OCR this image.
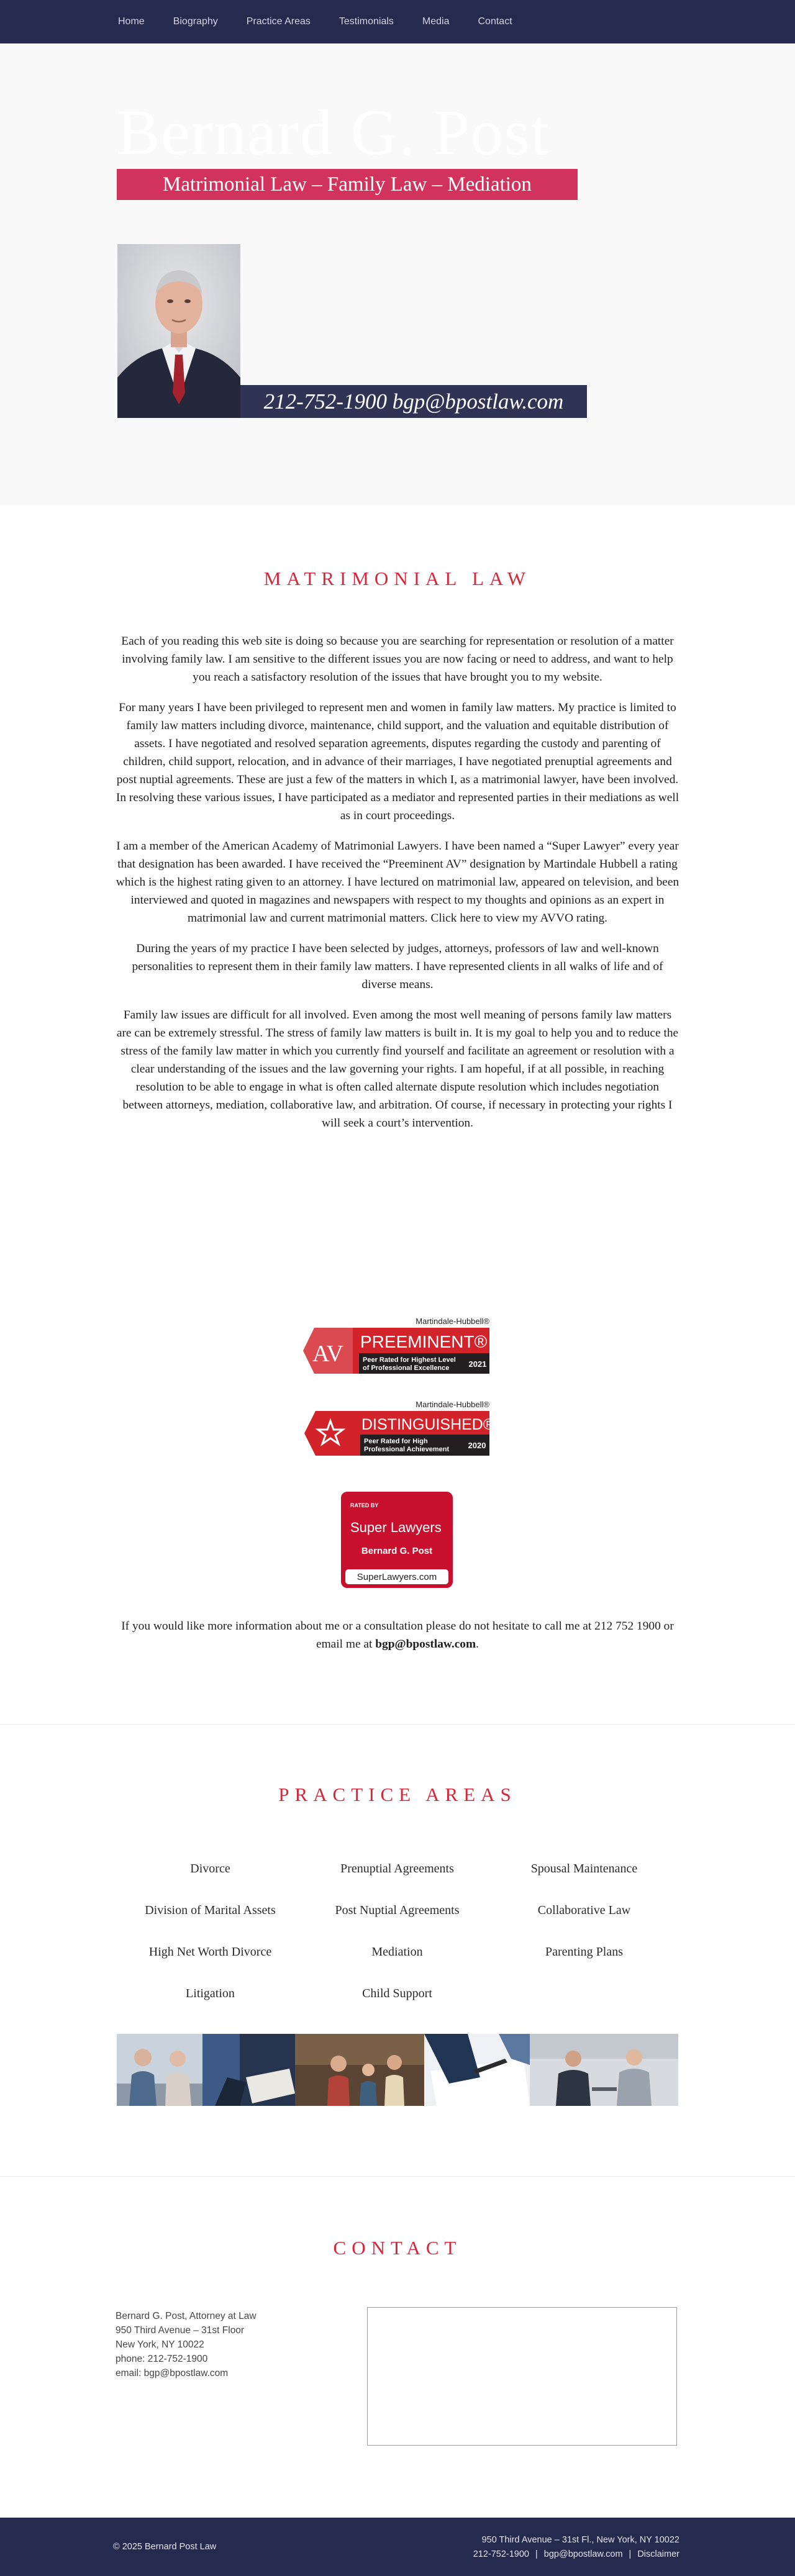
Home	Biography	Practice Areas	Testimonials	Media	Contact
Bernard G. Post
Matrimonial Law – Family Law – Mediation
212-752-1900 bgp@bpostlaw.com
MATRIMONIAL LAW

Each of you reading this web site is doing so because you are searching for representation or resolution of a matter involving family law. I am sensitive to the different issues you are now facing or need to address, and want to help you reach a satisfactory resolution of the issues that have brought you to my website.

For many years I have been privileged to represent men and women in family law matters. My practice is limited to family law matters including divorce, maintenance, child support, and the valuation and equitable distribution of assets. I have negotiated and resolved separation agreements, disputes regarding the custody and parenting of children, child support, relocation, and in advance of their marriages, I have negotiated prenuptial agreements and post nuptial agreements. These are just a few of the matters in which I, as a matrimonial lawyer, have been involved. In resolving these various issues, I have participated as a mediator and represented parties in their mediations as well as in court proceedings.

I am a member of the American Academy of Matrimonial Lawyers. I have been named a “Super Lawyer” every year that designation has been awarded. I have received the “Preeminent AV” designation by Martindale Hubbell a rating which is the highest rating given to an attorney. I have lectured on matrimonial law, appeared on television, and been interviewed and quoted in magazines and newspapers with respect to my thoughts and opinions as an expert in matrimonial law and current matrimonial matters. Click here to view my AVVO rating.

During the years of my practice I have been selected by judges, attorneys, professors of law and well-known personalities to represent them in their family law matters. I have represented clients in all walks of life and of diverse means.

Family law issues are difficult for all involved. Even among the most well meaning of persons family law matters are can be extremely stressful. The stress of family law matters is built in. It is my goal to help you and to reduce the stress of the family law matter in which you currently find yourself and facilitate an agreement or resolution with a clear understanding of the issues and the law governing your rights. I am hopeful, if at all possible, in reaching resolution to be able to engage in what is often called alternate dispute resolution which includes negotiation between attorneys, mediation, collaborative law, and arbitration. Of course, if necessary in protecting your rights I will seek a court’s intervention.

Martindale-Hubbell®
AV PREEMINENT®
Peer Rated for Highest Level
of Professional Excellence 2021
Martindale-Hubbell®
DISTINGUISHED®
Peer Rated for High
Professional Achievement 2020
RATED BY
Super Lawyers
Bernard G. Post
SuperLawyers.com
If you would like more information about me or a consultation please do not hesitate to call me at 212 752 1900 or email me at bgp@bpostlaw.com.
PRACTICE AREAS
Divorce	Prenuptial Agreements	Spousal Maintenance
Division of Marital Assets	Post Nuptial Agreements	Collaborative Law
High Net Worth Divorce	Mediation	Parenting Plans
Litigation	Child Support
CONTACT
Bernard G. Post, Attorney at Law
950 Third Avenue – 31st Floor
New York, NY 10022
phone: 212-752-1900
email: bgp@bpostlaw.com
© 2025 Bernard Post Law
950 Third Avenue – 31st Fl., New York, NY 10022
212-752-1900 | bgp@bpostlaw.com | Disclaimer
